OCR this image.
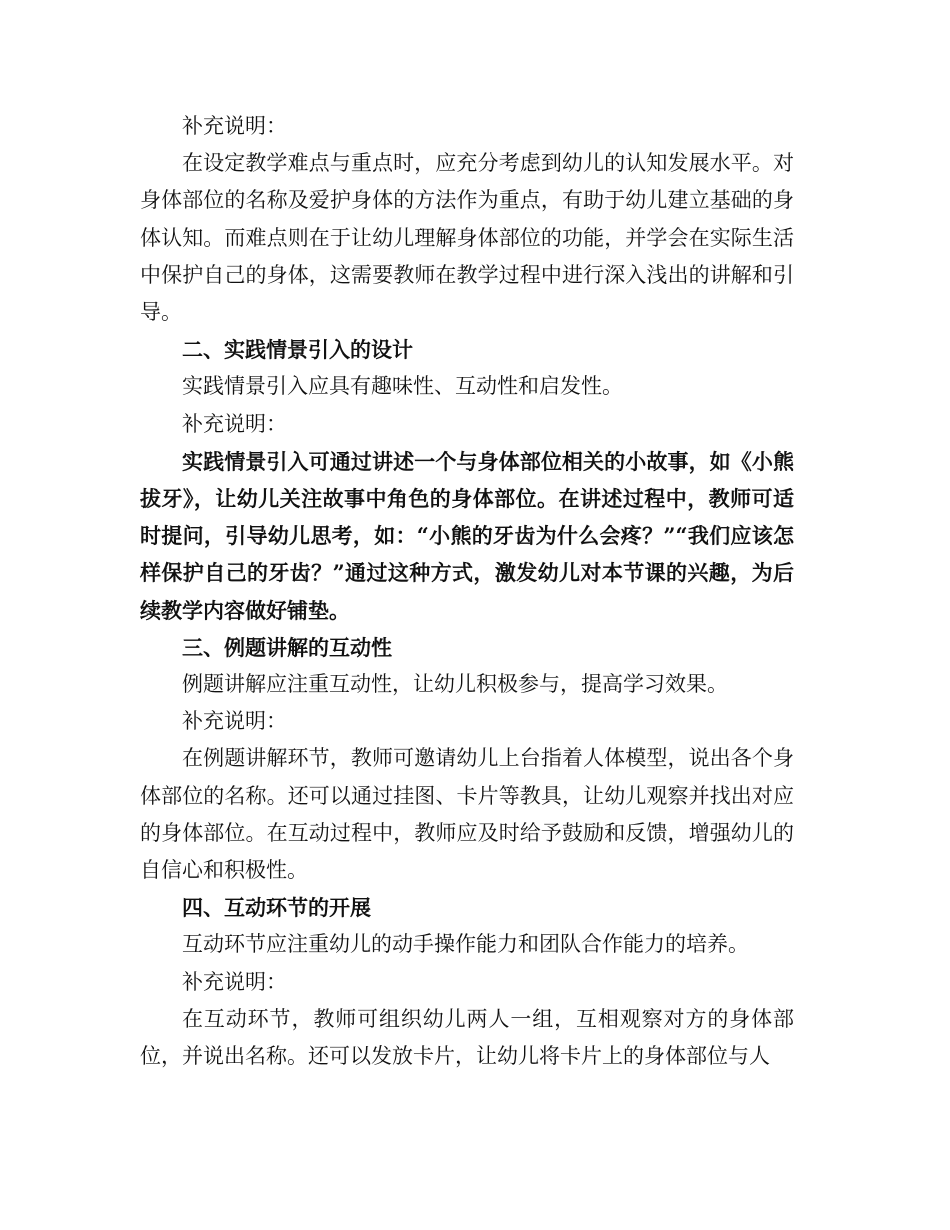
补充说明：

在设定教学难点与重点时，应充分考虑到幼儿的认知发展水平。对身体部位的名称及爱护身体的方法作为重点，有助于幼儿建立基础的身体认知。而难点则在于让幼儿理解身体部位的功能，并学会在实际生活中保护自己的身体，这需要教师在教学过程中进行深入浅出的讲解和引导。

二、实践情景引入的设计

实践情景引入应具有趣味性、互动性和启发性。

补充说明：

实践情景引入可通过讲述一个与身体部位相关的小故事，如《小熊拔牙》，让幼儿关注故事中角色的身体部位。在讲述过程中，教师可适时提问，引导幼儿思考，如：“小熊的牙齿为什么会疼？”“我们应该怎样保护自己的牙齿？”通过这种方式，激发幼儿对本节课的兴趣，为后续教学内容做好铺垫。

三、例题讲解的互动性

例题讲解应注重互动性，让幼儿积极参与，提高学习效果。

补充说明：

在例题讲解环节，教师可邀请幼儿上台指着人体模型，说出各个身体部位的名称。还可以通过挂图、卡片等教具，让幼儿观察并找出对应的身体部位。在互动过程中，教师应及时给予鼓励和反馈，增强幼儿的自信心和积极性。

四、互动环节的开展

互动环节应注重幼儿的动手操作能力和团队合作能力的培养。

补充说明：

在互动环节，教师可组织幼儿两人一组，互相观察对方的身体部位，并说出名称。还可以发放卡片，让幼儿将卡片上的身体部位与人
